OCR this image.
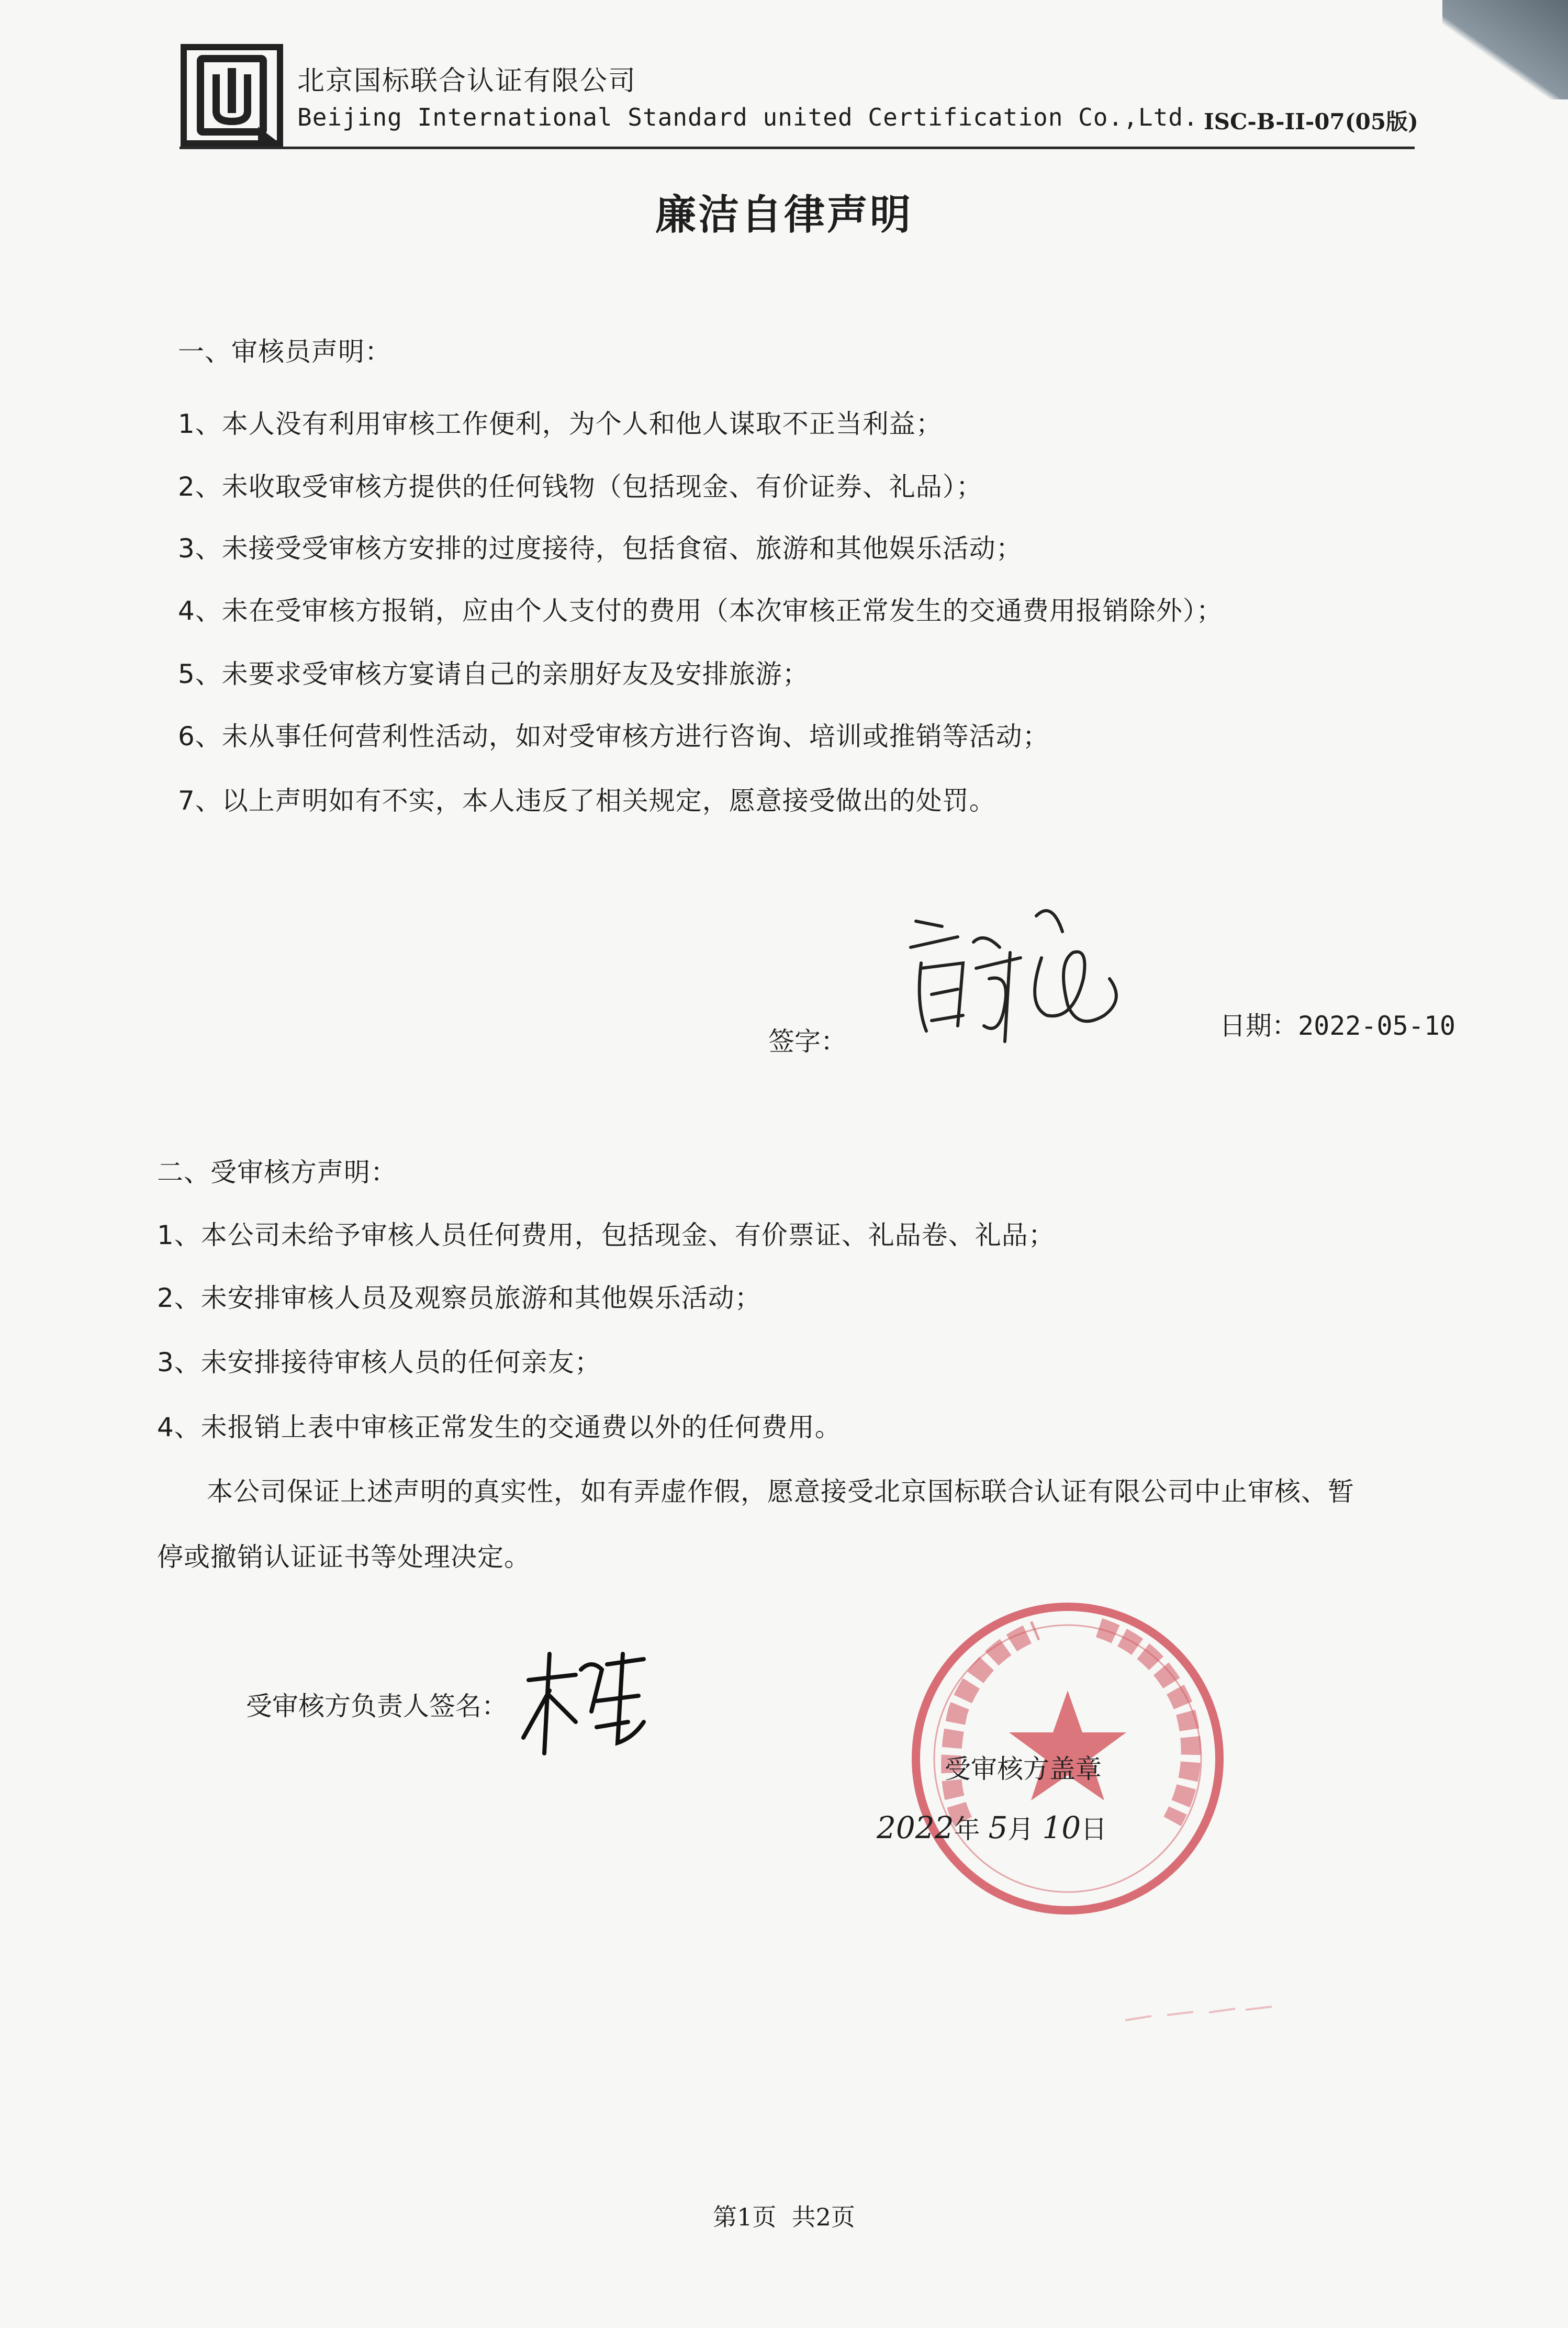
北京国标联合认证有限公司
Beijing International Standard united Certification Co.,Ltd. ISC-B-II-07(05版)
廉洁自律声明
一、审核员声明：
1、本人没有利用审核工作便利，为个人和他人谋取不正当利益；
2、未收取受审核方提供的任何钱物（包括现金、有价证券、礼品）；
3、未接受受审核方安排的过度接待，包括食宿、旅游和其他娱乐活动；
4、未在受审核方报销，应由个人支付的费用（本次审核正常发生的交通费用报销除外）；
5、未要求受审核方宴请自己的亲朋好友及安排旅游；
6、未从事任何营利性活动，如对受审核方进行咨询、培训或推销等活动；
7、以上声明如有不实，本人违反了相关规定，愿意接受做出的处罚。
签字：
日期：2022-05-10
二、受审核方声明：
1、本公司未给予审核人员任何费用，包括现金、有价票证、礼品卷、礼品；
2、未安排审核人员及观察员旅游和其他娱乐活动；
3、未安排接待审核人员的任何亲友；
4、未报销上表中审核正常发生的交通费以外的任何费用。
本公司保证上述声明的真实性，如有弄虚作假，愿意接受北京国标联合认证有限公司中止审核、暂
停或撤销认证证书等处理决定。
受审核方负责人签名：
受审核方盖章
2022年 5月 10日
第1页  共2页
